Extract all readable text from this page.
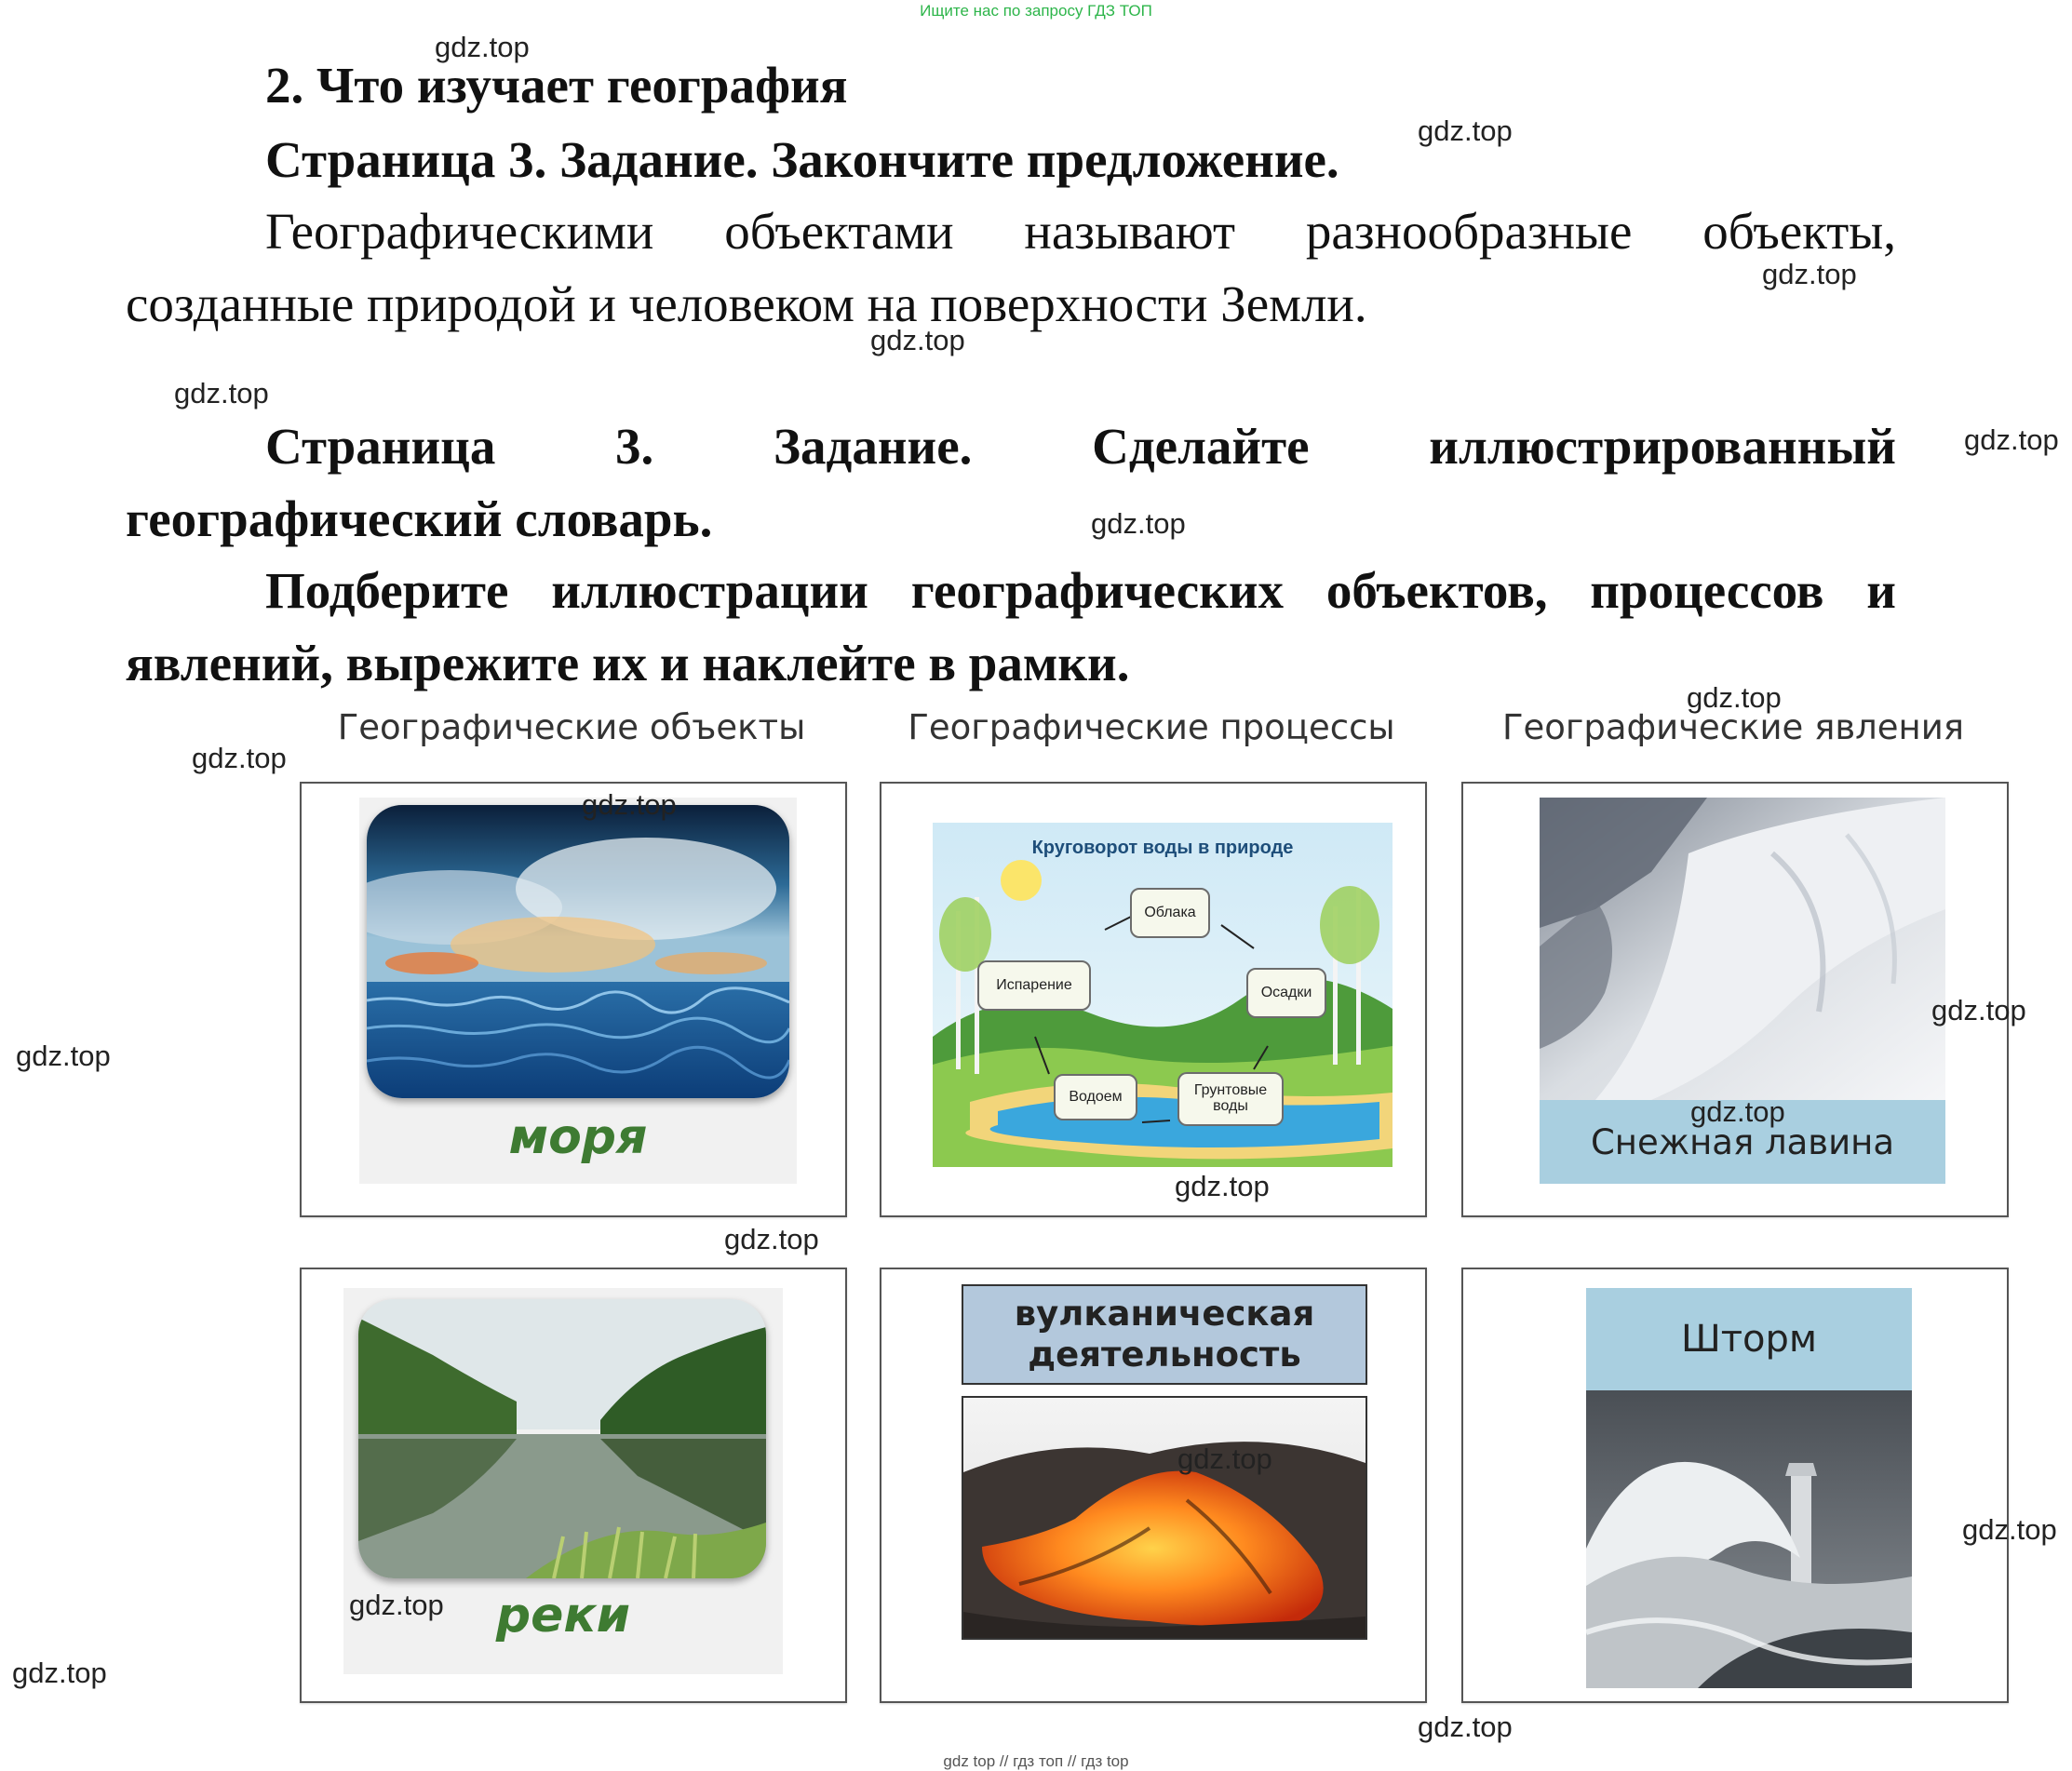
Ищите нас по запросу ГДЗ ТОП
2. Что изучает география
Страница 3. Задание. Закончите предложение.
Географическими объектами называют разнообразные объекты,
созданные природой и человеком на поверхности Земли.
Страница 3. Задание. Сделайте иллюстрированный
географический словарь.
Подберите иллюстрации географических объектов, процессов и
явлений, вырежите их и наклейте в рамки.
Географические объекты	Географические процессы	Географические явления
моря
Круговорот воды в природе
Облака
Испарение	Осадки
Водоем	Грунтовые воды
Снежная лавина
реки
вулканическая деятельность	Шторм
gdz.top
gdz.top
gdz.top
gdz.top
gdz.top
gdz.top
gdz.top
gdz.top
gdz.top
gdz.top
gdz.top
gdz.top
gdz.top
gdz.top
gdz.top
gdz.top
gdz.top
gdz.top
gdz.top
gdz.top
gdz top // гдз топ // гдз top
